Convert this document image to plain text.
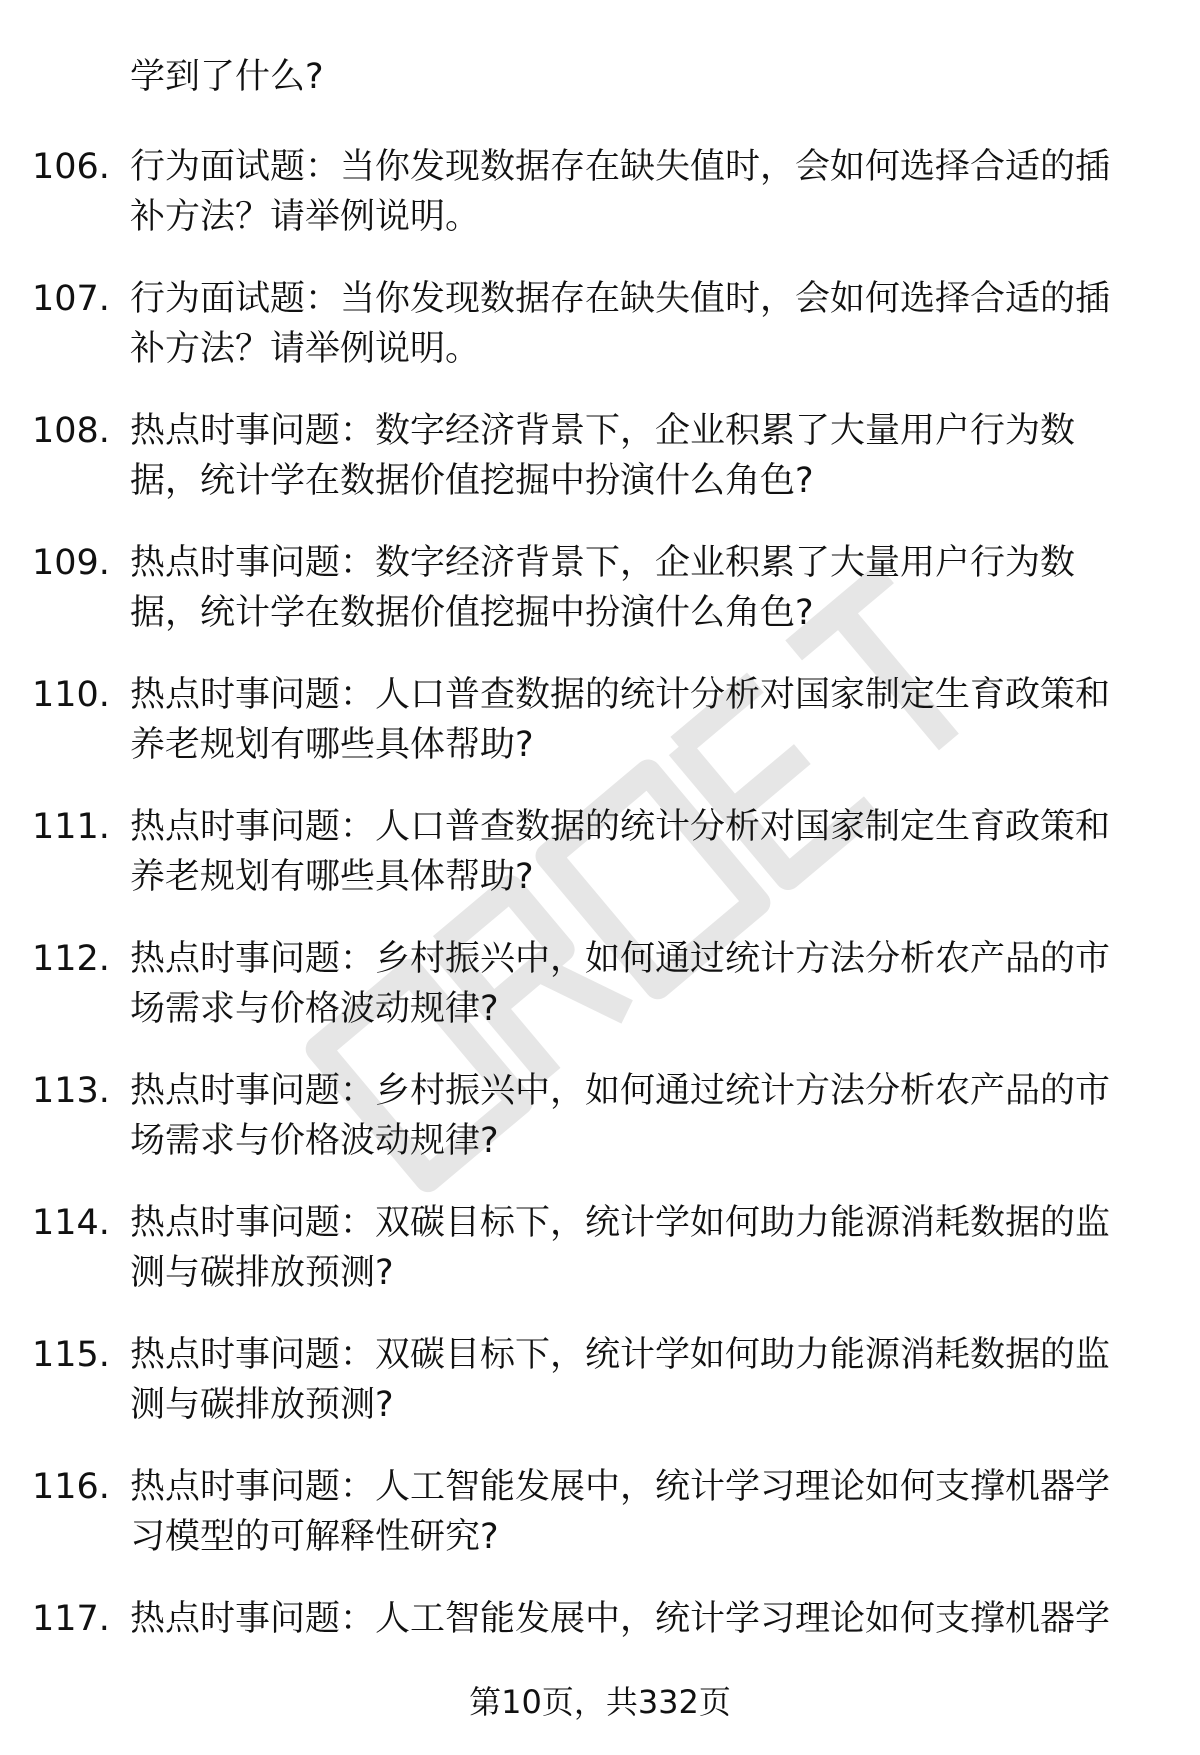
学到了什么?
106. 行为面试题：当你发现数据存在缺失值时，会如何选择合适的插
补方法？请举例说明。
107. 行为面试题：当你发现数据存在缺失值时，会如何选择合适的插
补方法？请举例说明。
108. 热点时事问题：数字经济背景下，企业积累了大量用户行为数
据，统计学在数据价值挖掘中扮演什么角色?
109. 热点时事问题：数字经济背景下，企业积累了大量用户行为数
据，统计学在数据价值挖掘中扮演什么角色?
110. 热点时事问题：人口普查数据的统计分析对国家制定生育政策和
养老规划有哪些具体帮助?
111. 热点时事问题：人口普查数据的统计分析对国家制定生育政策和
养老规划有哪些具体帮助?
112. 热点时事问题：乡村振兴中，如何通过统计方法分析农产品的市
场需求与价格波动规律?
113. 热点时事问题：乡村振兴中，如何通过统计方法分析农产品的市
场需求与价格波动规律?
114. 热点时事问题：双碳目标下，统计学如何助力能源消耗数据的监
测与碳排放预测?
115. 热点时事问题：双碳目标下，统计学如何助力能源消耗数据的监
测与碳排放预测?
116. 热点时事问题：人工智能发展中，统计学习理论如何支撑机器学
习模型的可解释性研究?
117. 热点时事问题：人工智能发展中，统计学习理论如何支撑机器学
第10页，共332页
